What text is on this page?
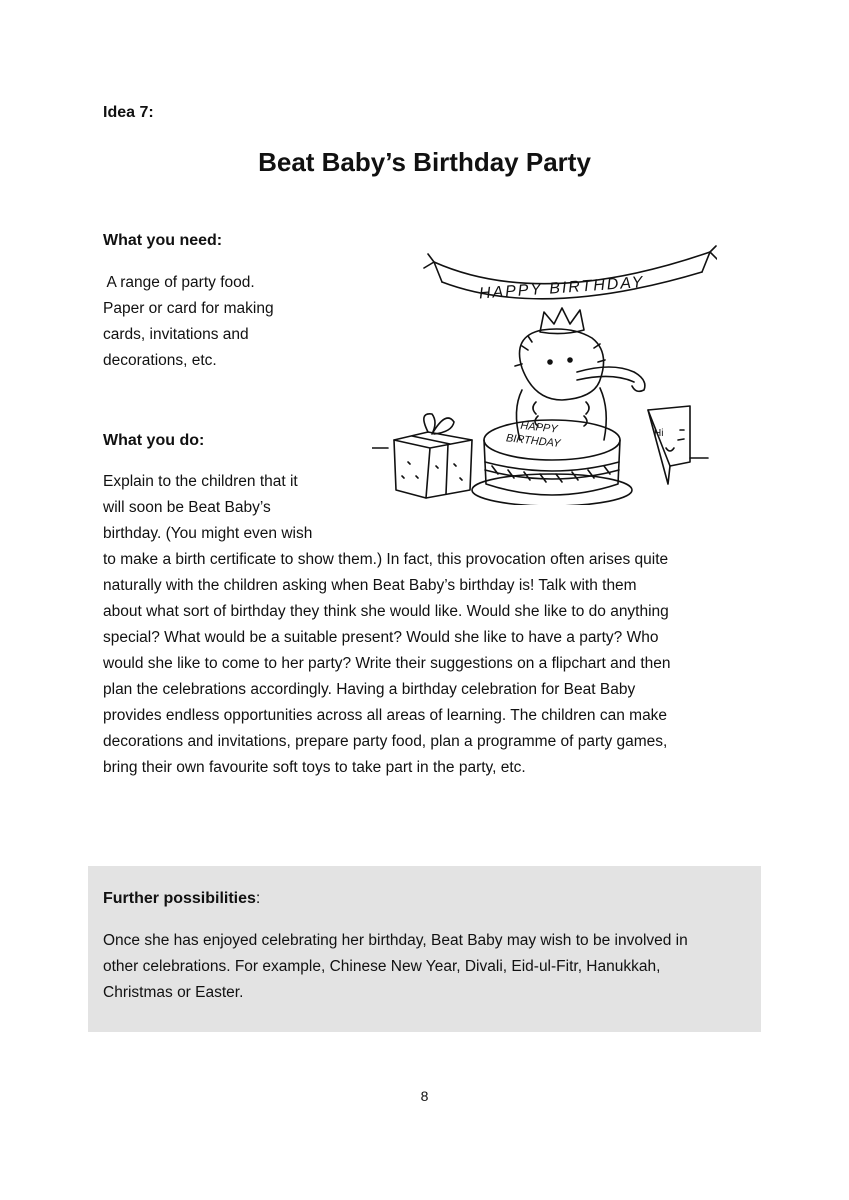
Idea 7:
Beat Baby’s Birthday Party
What you need:
A range of party food.
Paper or card for making
cards, invitations and
decorations, etc.
What you do:
Explain to the children that it
will soon be Beat Baby’s
birthday. (You might even wish
to make a birth certificate to show them.) In fact, this provocation often arises quite
naturally with the children asking when Beat Baby’s birthday is! Talk with them
about what sort of birthday they think she would like. Would she like to do anything
special? What would be a suitable present? Would she like to have a party? Who
would she like to come to her party? Write their suggestions on a flipchart and then
plan the celebrations accordingly. Having a birthday celebration for Beat Baby
provides endless opportunities across all areas of learning. The children can make
decorations and invitations, prepare party food, plan a programme of party games,
bring their own favourite soft toys to take part in the party, etc.
HAPPY BIRTHDAY
HAPPY
BIRTHDAY	Hi
Further possibilities:
Once she has enjoyed celebrating her birthday, Beat Baby may wish to be involved in
other celebrations. For example, Chinese New Year, Divali, Eid-ul-Fitr, Hanukkah,
Christmas or Easter.
8
